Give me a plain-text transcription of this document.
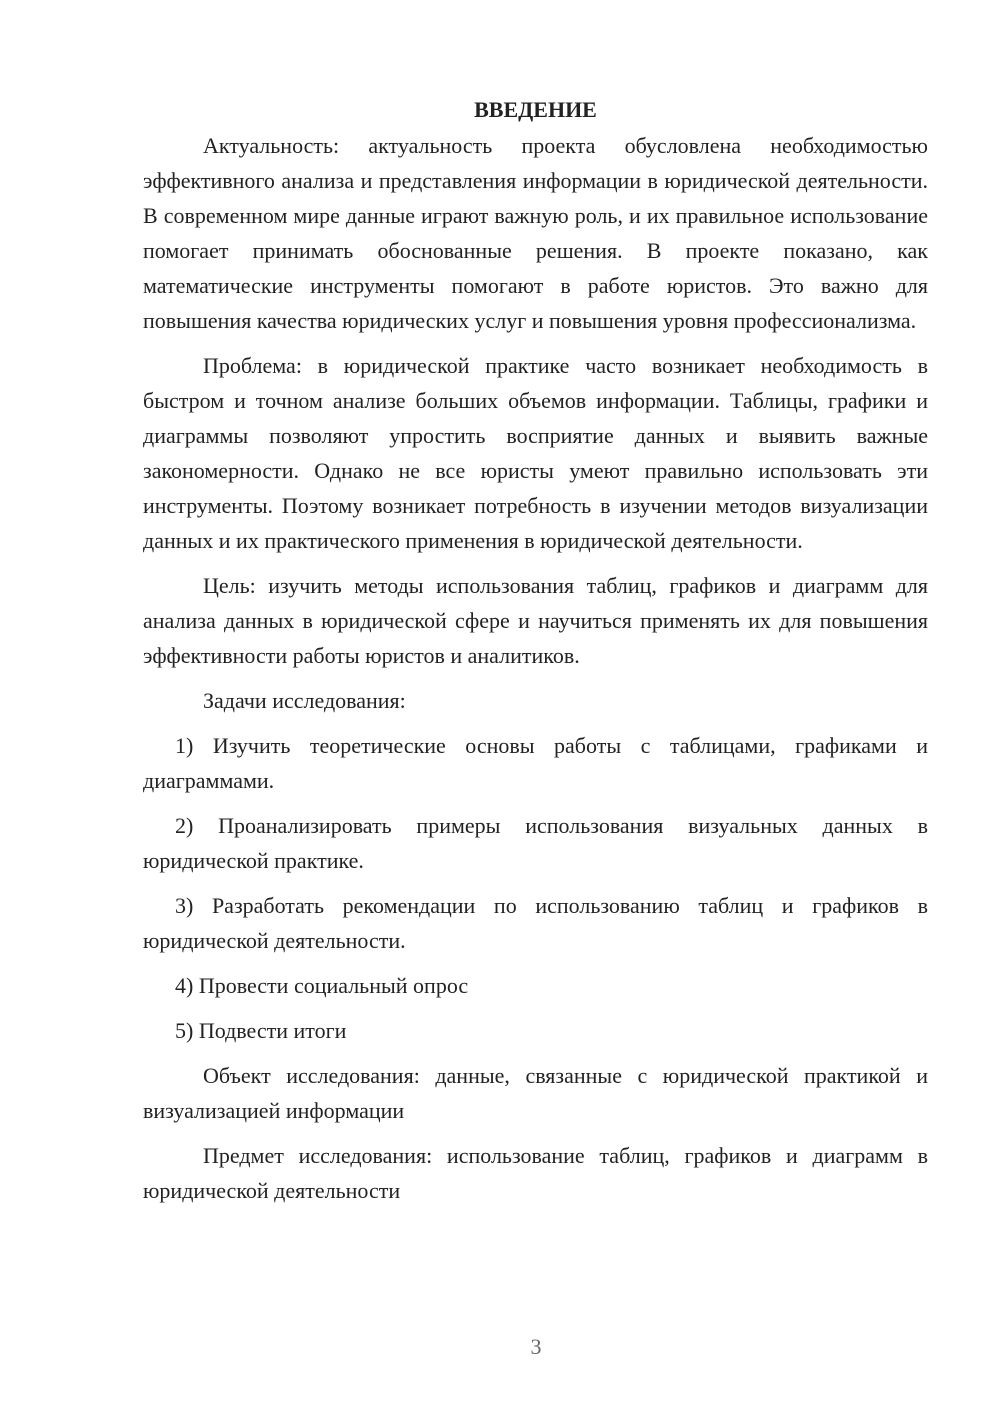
ВВЕДЕНИЕ

Актуальность: актуальность проекта обусловлена необходимостью эффективного анализа и представления информации в юридической деятельности. В современном мире данные играют важную роль, и их правильное использование помогает принимать обоснованные решения. В проекте показано, как математические инструменты помогают в работе юристов. Это важно для повышения качества юридических услуг и повышения уровня профессионализма.

Проблема: в юридической практике часто возникает необходимость в быстром и точном анализе больших объемов информации. Таблицы, графики и диаграммы позволяют упростить восприятие данных и выявить важные закономерности. Однако не все юристы умеют правильно использовать эти инструменты. Поэтому возникает потребность в изучении методов визуализации данных и их практического применения в юридической деятельности.

Цель: изучить методы использования таблиц, графиков и диаграмм для анализа данных в юридической сфере и научиться применять их для повышения эффективности работы юристов и аналитиков.

Задачи исследования:

1) Изучить теоретические основы работы с таблицами, графиками и диаграммами.

2) Проанализировать примеры использования визуальных данных в юридической практике.

3) Разработать рекомендации по использованию таблиц и графиков в юридической деятельности.

4) Провести социальный опрос

5) Подвести итоги

Объект исследования: данные, связанные с юридической практикой и визуализацией информации

Предмет исследования: использование таблиц, графиков и диаграмм в юридической деятельности

3
